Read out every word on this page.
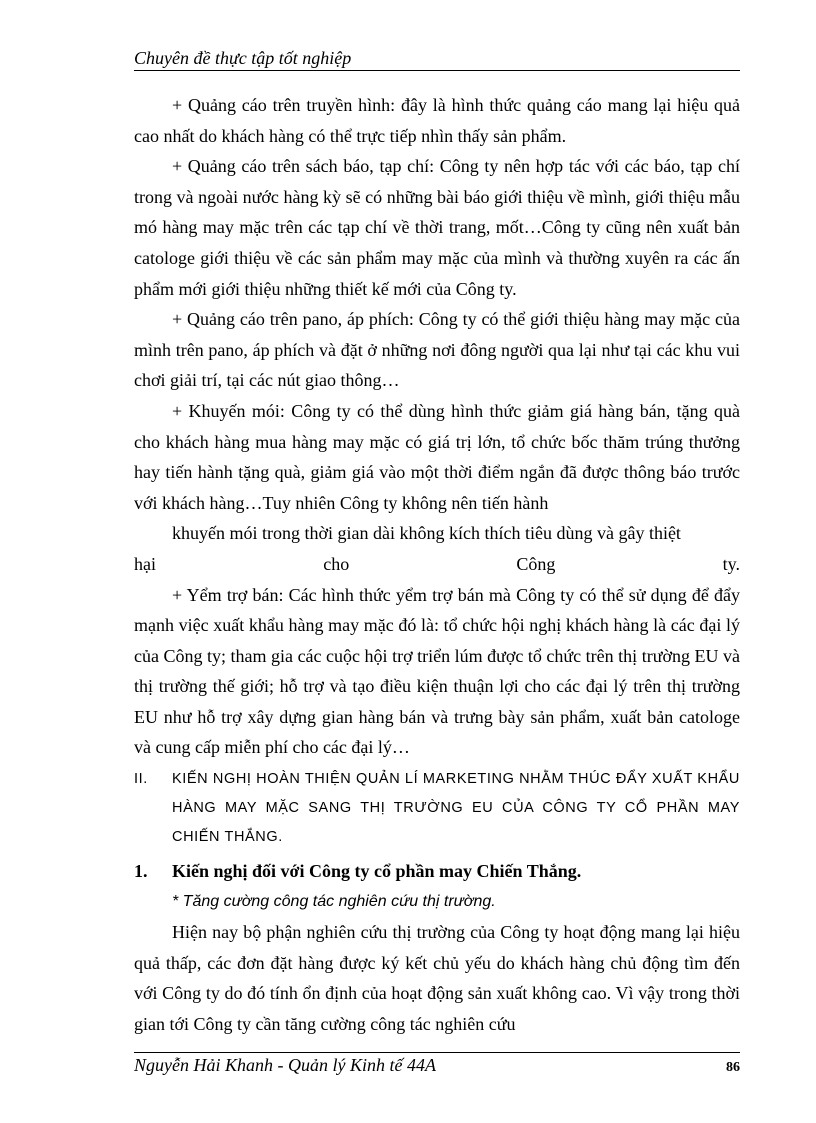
Chuyên đề thực tập tốt nghiệp

+ Quảng cáo trên truyền hình: đây là hình thức quảng cáo mang lại hiệu quả cao nhất do khách hàng có thể trực tiếp nhìn thấy sản phẩm.

+ Quảng cáo trên sách báo, tạp chí: Công ty nên hợp tác với các báo, tạp chí trong và ngoài nước hàng kỳ sẽ có những bài báo giới thiệu về mình, giới thiệu mẫu mó hàng may mặc trên các tạp chí về thời trang, mốt…Công ty cũng nên xuất bản catologe giới thiệu về các sản phẩm may mặc của mình và thường xuyên ra các ấn phẩm mới giới thiệu những thiết kế mới của Công ty.

+ Quảng cáo trên pano, áp phích: Công ty có thể giới thiệu hàng may mặc của mình trên pano, áp phích và đặt ở những nơi đông người qua lại như tại các khu vui chơi giải trí, tại các nút giao thông…

+ Khuyến mói: Công ty có thể dùng hình thức giảm giá hàng bán, tặng quà cho khách hàng mua hàng may mặc có giá trị lớn, tổ chức bốc thăm trúng thưởng hay tiến hành tặng quà, giảm giá vào một thời điểm ngắn đã được thông báo trước với khách hàng…Tuy nhiên Công ty không nên tiến hành

khuyến mói trong thời gian dài không kích thích tiêu dùng và gây thiệt

hại	cho	Công	ty.

+ Yểm trợ bán: Các hình thức yểm trợ bán mà Công ty có thể sử dụng để đẩy mạnh việc xuất khẩu hàng may mặc đó là: tổ chức hội nghị khách hàng là các đại lý của Công ty; tham gia các cuộc hội trợ triển lúm được tổ chức trên thị trường EU và thị trường thế giới; hỗ trợ và tạo điều kiện thuận lợi cho các đại lý trên thị trường EU như hỗ trợ xây dựng gian hàng bán và trưng bày sản phẩm, xuất bản catologe và cung cấp miễn phí cho các đại lý…

II.	KIẾN NGHỊ HOÀN THIỆN QUẢN LÍ MARKETING NHẰM THÚC ĐẨY XUẤT KHẨU HÀNG MAY MẶC SANG THỊ TRƯỜNG EU CỦA CÔNG TY CỔ PHẦN MAY CHIẾN THẮNG.
1.	Kiến nghị đối với Công ty cổ phần may Chiến Thắng.
* Tăng cường công tác nghiên cứu thị trường.

Hiện nay bộ phận nghiên cứu thị trường của Công ty hoạt động mang lại hiệu quả thấp, các đơn đặt hàng được ký kết chủ yếu do khách hàng chủ động tìm đến với Công ty do đó tính ổn định của hoạt động sản xuất không cao. Vì vậy trong thời gian tới Công ty cần tăng cường công tác nghiên cứu

Nguyễn Hải Khanh - Quản lý Kinh tế 44A	86
